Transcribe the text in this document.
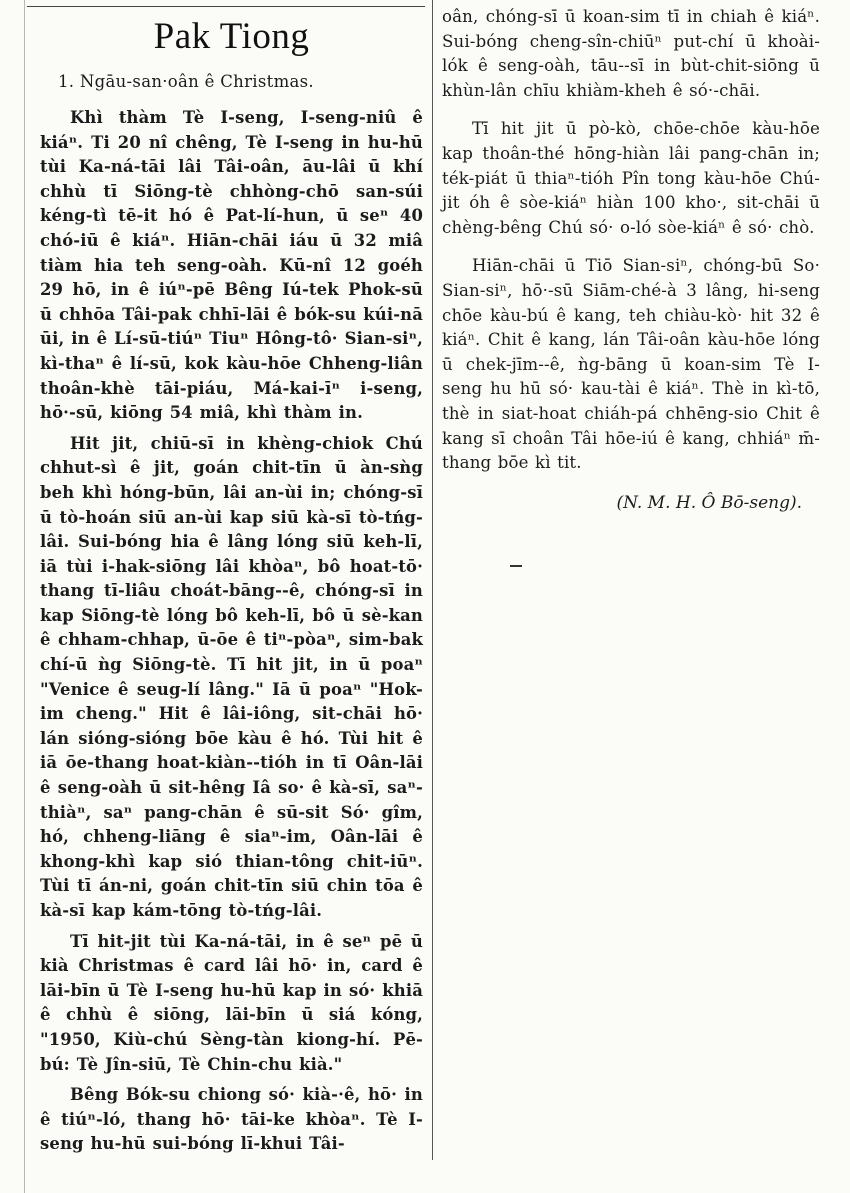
Pak Tiong
1. Ngāu-san·oân ê Christmas.

Khì thàm Tè I-seng, I-seng-niû ê kiáⁿ. Ti 20 nî chêng, Tè I-seng in hu-hū tùi Ka-ná-tāi lâi Tâi-oân, āu-lâi ū khí chhù tī Siōng-tè chhòng-chō san-súi kéng-tì tē-it hó ê Pat-lí-hun, ū seⁿ 40 chó-iū ê kiáⁿ. Hiān-chāi iáu ū 32 miâ tiàm hia teh seng-oàh. Kū-nî 12 goéh 29 hō, in ê iúⁿ-pē Bêng Iú-tek Phok-sū ū chhōa Tâi-pak chhī-lāi ê bók-su kúi-nā ūi, in ê Lí-sū-tiúⁿ Tiuⁿ Hông-tô· Sian-siⁿ, kì-thaⁿ ê lí-sū, kok kàu-hōe Chheng-liân thoân-khè tāi-piáu, Má-kai-īⁿ i-seng, hō·-sū, kiōng 54 miâ, khì thàm in.

Hit jit, chiū-sī in khèng-chiok Chú chhut-sì ê jit, goán chit-tīn ū àn-sǹg beh khì hóng-būn, lâi an-ùi in; chóng-sī ū tò-hoán siū an-ùi kap siū kà-sī tò-tńg-lâi. Sui-bóng hia ê lâng lóng siū keh-lī, iā tùi i-hak-siōng lâi khòaⁿ, bô hoat-tō· thang tī-liâu choát-bāng--ê, chóng-sī in kap Siōng-tè lóng bô keh-lī, bô ū sè-kan ê chham-chhap, ū-ōe ê tiⁿ-pòaⁿ, sim-bak chí-ū ǹg Siōng-tè. Tī hit jit, in ū poaⁿ "Venice ê seug-lí lâng." Iā ū poaⁿ "Hok-im cheng." Hit ê lâi-iông, sit-chāi hō· lán sióng-sióng bōe kàu ê hó. Tùi hit ê iā ōe-thang hoat-kiàn--tióh in tī Oân-lāi ê seng-oàh ū sit-hêng Iâ so· ê kà-sī, saⁿ-thiàⁿ, saⁿ pang-chān ê sū-sit Só· gîm, hó, chheng-liāng ê siaⁿ-im, Oân-lāi ê khong-khì kap sió thian-tông chit-iūⁿ. Tùi tī án-ni, goán chit-tīn siū chin tōa ê kà-sī kap kám-tōng tò-tńg-lâi.

Tī hit-jit tùi Ka-ná-tāi, in ê seⁿ pē ū kià Christmas ê card lâi hō· in, card ê lāi-bīn ū Tè I-seng hu-hū kap in só· khiā ê chhù ê siōng, lāi-bīn ū siá kóng, "1950, Kiù-chú Sèng-tàn kiong-hí. Pē-bú: Tè Jîn-siū, Tè Chin-chu kià."

Bêng Bók-su chiong só· kià-·ê, hō· in ê tiúⁿ-ló, thang hō· tāi-ke khòaⁿ. Tè I-seng hu-hū sui-bóng lī-khui Tâi-

oân, chóng-sī ū koan-sim tī in chiah ê kiáⁿ. Sui-bóng cheng-sîn-chiūⁿ put-chí ū khoài-lók ê seng-oàh, tāu--sī in bùt-chit-siōng ū khùn-lân chīu khiàm-kheh ê só·-chāi.

Tī hit jit ū pò-kò, chōe-chōe kàu-hōe kap thoân-thé hōng-hiàn lâi pang-chān in; ték-piát ū thiaⁿ-tióh Pîn tong kàu-hōe Chú-jit óh ê sòe-kiáⁿ hiàn 100 kho·, sit-chāi ū chèng-bêng Chú só· o-ló sòe-kiáⁿ ê só· chò.

Hiān-chāi ū Tiō Sian-siⁿ, chóng-bū So· Sian-siⁿ, hō·-sū Siām-ché-à 3 lâng, hi-seng chōe kàu-bú ê kang, teh chiàu-kò· hit 32 ê kiáⁿ. Chit ê kang, lán Tâi-oân kàu-hōe lóng ū chek-jīm--ê, ǹg-bāng ū koan-sim Tè I-seng hu hū só· kau-tài ê kiáⁿ. Thè in kì-tō, thè in siat-hoat chiáh-pá chhēng-sio Chit ê kang sī choân Tâi hōe-iú ê kang, chhiáⁿ m̄-thang bōe kì tit.

(N. M. H. Ô Bō-seng).
